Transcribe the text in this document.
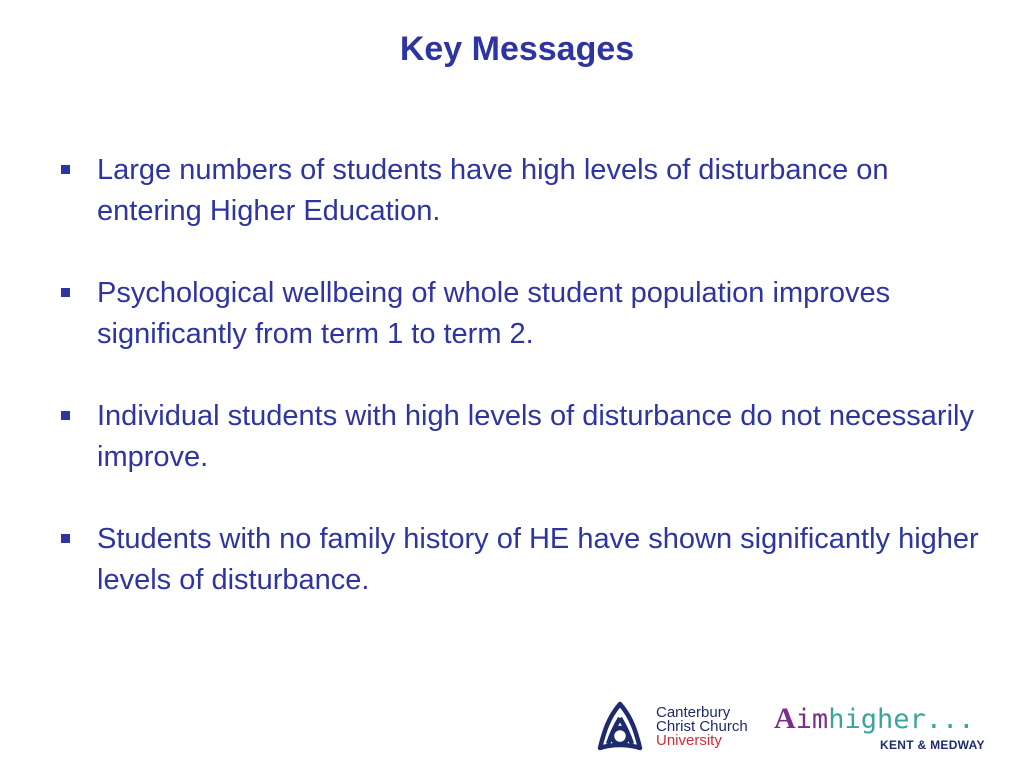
Key Messages
Large numbers of students have high levels of disturbance on entering Higher Education.
Psychological wellbeing of whole student population improves significantly from term 1 to term 2.
Individual students with high levels of disturbance do not necessarily improve.
Students with no family history of HE have shown significantly higher levels of disturbance.
Canterbury
Christ Church
University
Aimhigher...
KENT & MEDWAY
